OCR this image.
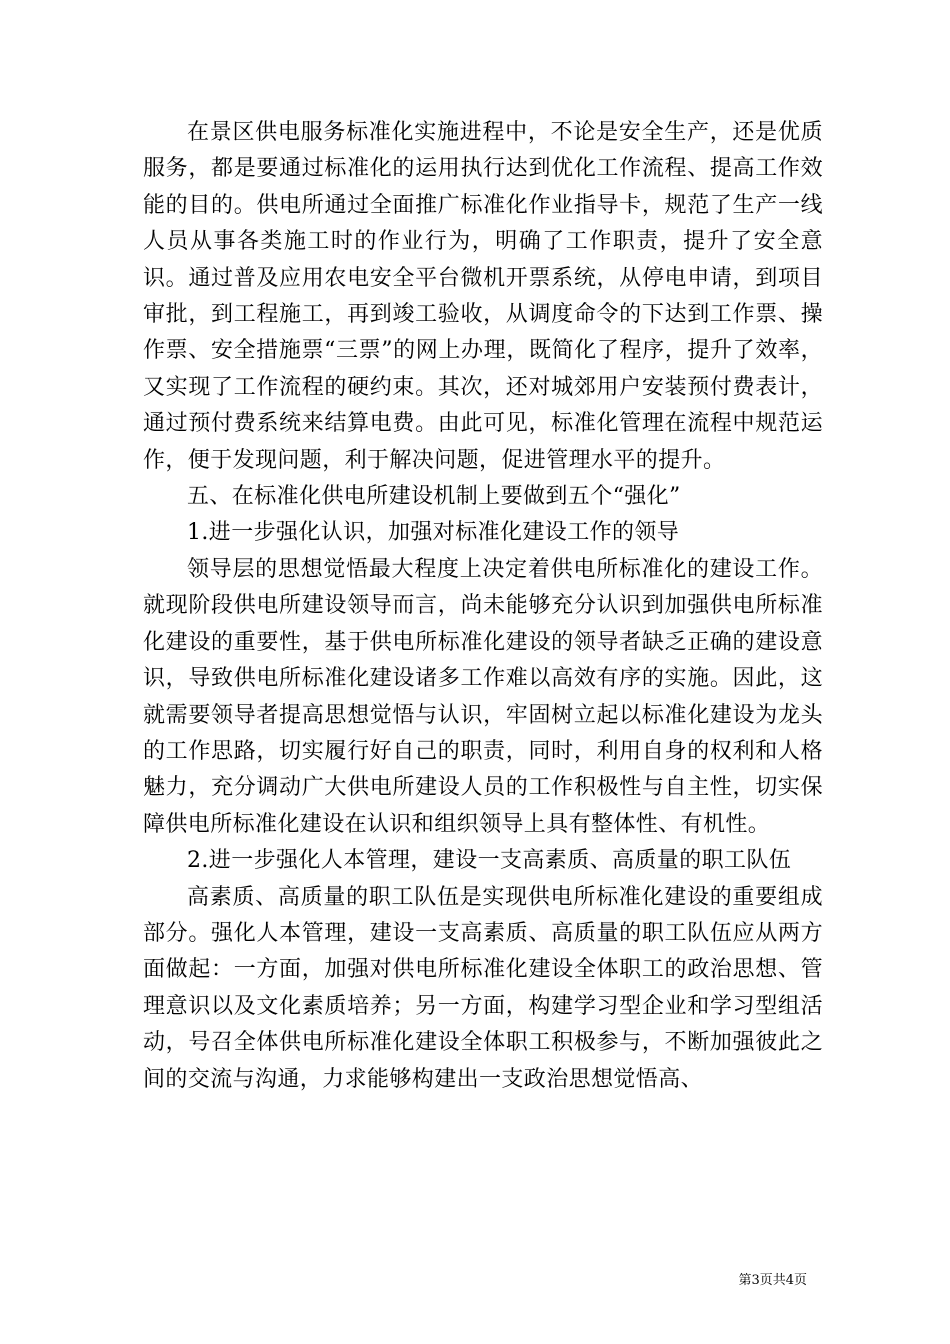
在景区供电服务标准化实施进程中，不论是安全生产，还是优质服务，都是要通过标准化的运用执行达到优化工作流程、提高工作效能的目的。供电所通过全面推广标准化作业指导卡，规范了生产一线人员从事各类施工时的作业行为，明确了工作职责，提升了安全意识。通过普及应用农电安全平台微机开票系统，从停电申请，到项目审批，到工程施工，再到竣工验收，从调度命令的下达到工作票、操作票、安全措施票“三票”的网上办理，既简化了程序，提升了效率，又实现了工作流程的硬约束。其次，还对城郊用户安装预付费表计，通过预付费系统来结算电费。由此可见，标准化管理在流程中规范运作，便于发现问题，利于解决问题，促进管理水平的提升。

五、在标准化供电所建设机制上要做到五个“强化”

1.进一步强化认识，加强对标准化建设工作的领导

领导层的思想觉悟最大程度上决定着供电所标准化的建设工作。就现阶段供电所建设领导而言，尚未能够充分认识到加强供电所标准化建设的重要性，基于供电所标准化建设的领导者缺乏正确的建设意识，导致供电所标准化建设诸多工作难以高效有序的实施。因此，这就需要领导者提高思想觉悟与认识，牢固树立起以标准化建设为龙头的工作思路，切实履行好自己的职责，同时，利用自身的权利和人格魅力，充分调动广大供电所建设人员的工作积极性与自主性，切实保障供电所标准化建设在认识和组织领导上具有整体性、有机性。

2.进一步强化人本管理，建设一支高素质、高质量的职工队伍

高素质、高质量的职工队伍是实现供电所标准化建设的重要组成部分。强化人本管理，建设一支高素质、高质量的职工队伍应从两方面做起：一方面，加强对供电所标准化建设全体职工的政治思想、管理意识以及文化素质培养；另一方面，构建学习型企业和学习型组活动，号召全体供电所标准化建设全体职工积极参与，不断加强彼此之间的交流与沟通，力求能够构建出一支政治思想觉悟高、

第3页共4页
